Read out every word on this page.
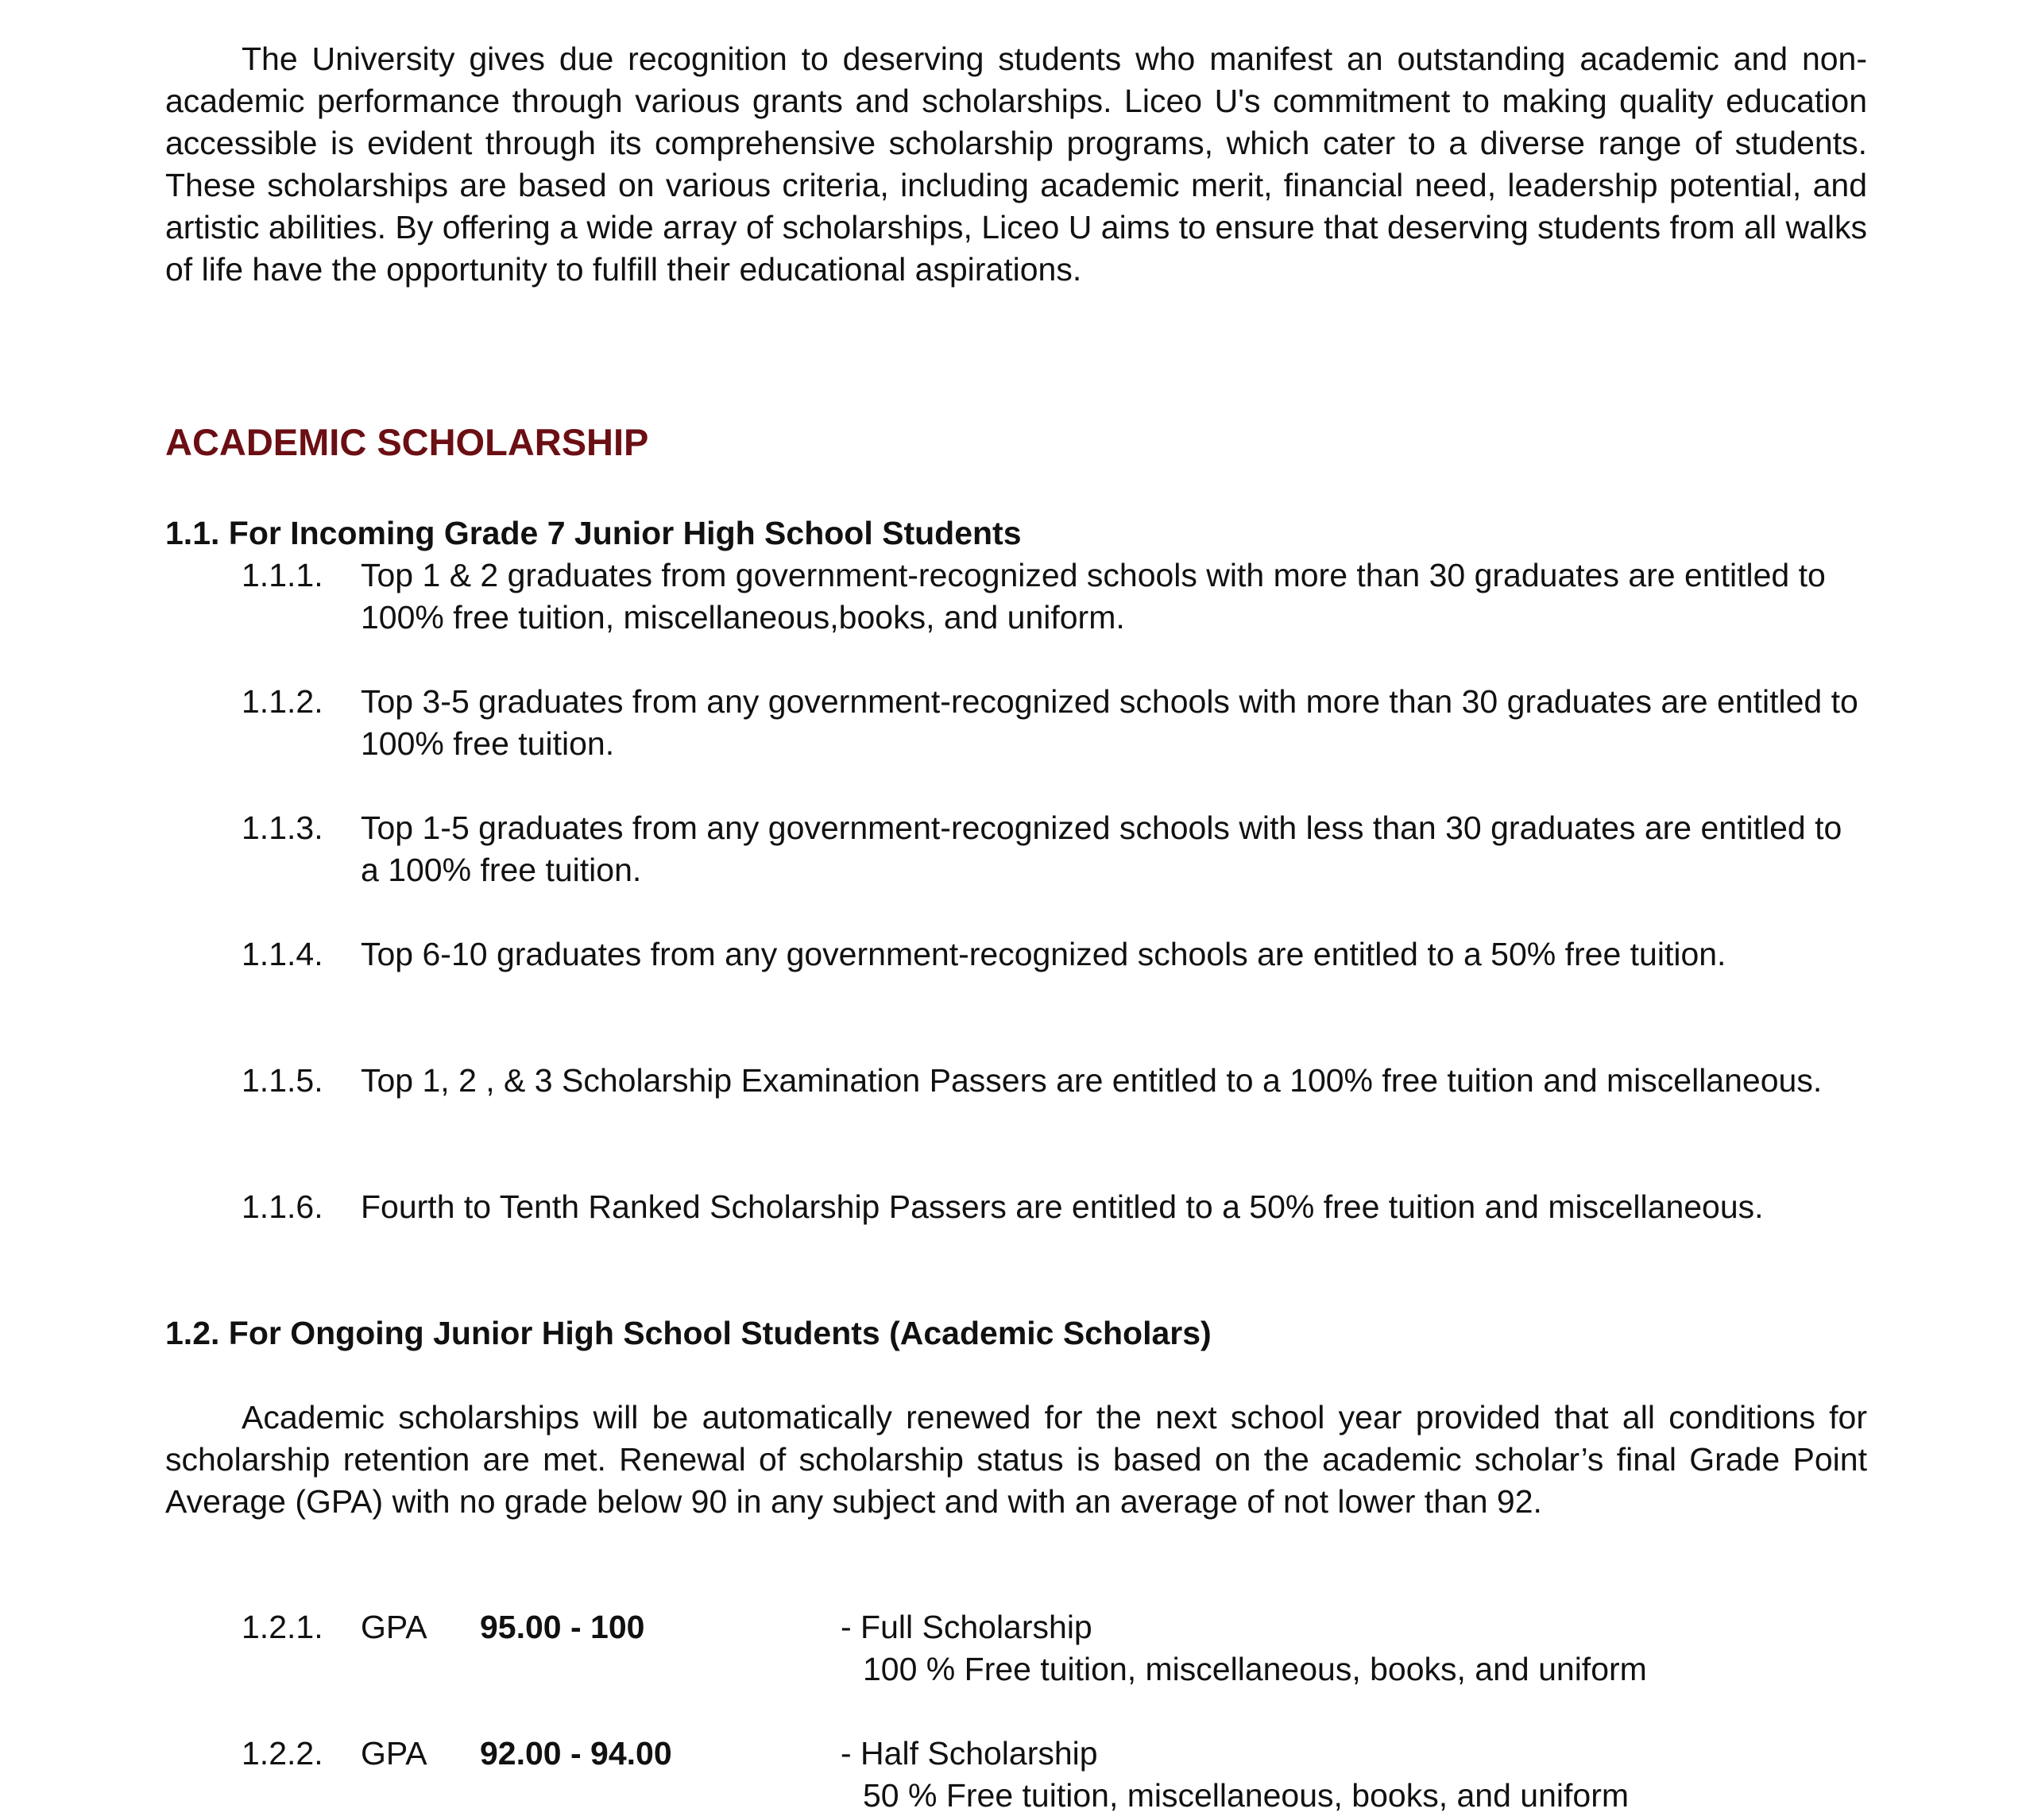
The University gives due recognition to deserving students who manifest an outstanding academic and non-academic performance through various grants and scholarships. Liceo U's commitment to making quality education accessible is evident through its comprehensive scholarship programs, which cater to a diverse range of students. These scholarships are based on various criteria, including academic merit, financial need, leadership potential, and artistic abilities. By offering a wide array of scholarships, Liceo U aims to ensure that deserving students from all walks of life have the opportunity to fulfill their educational aspirations.

ACADEMIC SCHOLARSHIP

1.1. For Incoming Grade 7 Junior High School Students

1.1.1. Top 1 & 2 graduates from government-recognized schools with more than 30 graduates are entitled to 100% free tuition, miscellaneous,books, and uniform.

1.1.2. Top 3-5 graduates from any government-recognized schools with more than 30 graduates are entitled to 100% free tuition.

1.1.3. Top 1-5 graduates from any government-recognized schools with less than 30 graduates are entitled to a 100% free tuition.

1.1.4. Top 6-10 graduates from any government-recognized schools are entitled to a 50% free tuition.

1.1.5. Top 1, 2 , & 3 Scholarship Examination Passers are entitled to a 100% free tuition and miscellaneous.

1.1.6. Fourth to Tenth Ranked Scholarship Passers are entitled to a 50% free tuition and miscellaneous.

1.2. For Ongoing Junior High School Students (Academic Scholars)

Academic scholarships will be automatically renewed for the next school year provided that all conditions for scholarship retention are met. Renewal of scholarship status is based on the academic scholar’s final Grade Point Average (GPA) with no grade below 90 in any subject and with an average of not lower than 92.

1.2.1. GPA 95.00 - 100	- Full Scholarship
100 % Free tuition, miscellaneous, books, and uniform
1.2.2. GPA 92.00 - 94.00	- Half Scholarship
50 % Free tuition, miscellaneous, books, and uniform
